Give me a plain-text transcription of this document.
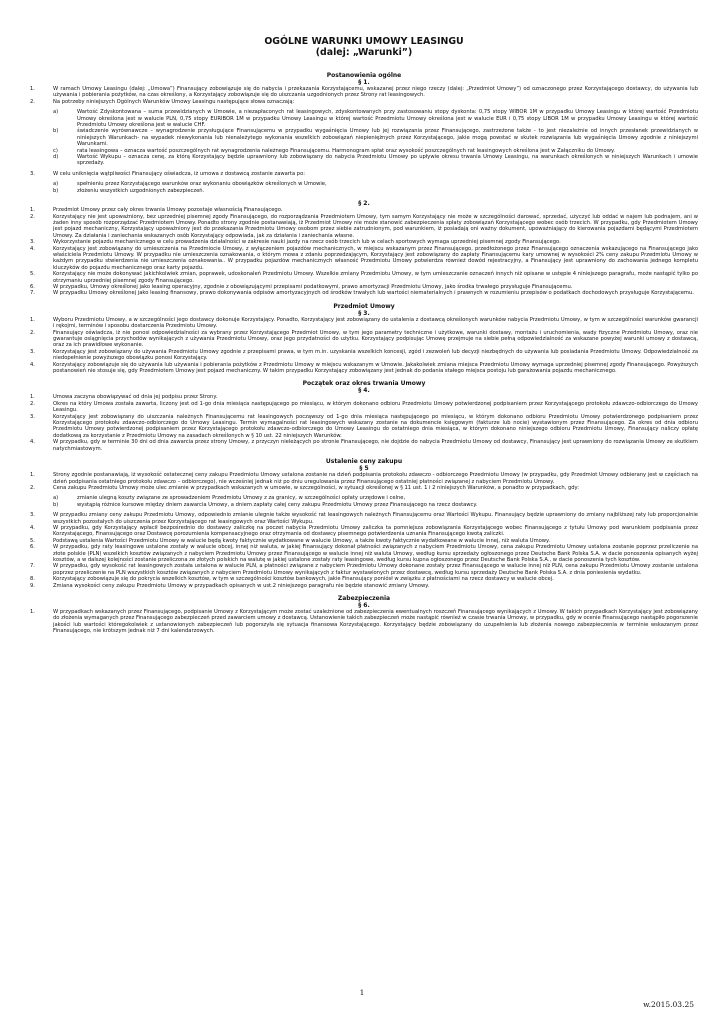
OGÓLNE WARUNKI UMOWY LEASINGU
(dalej: „Warunki”)
Postanowienia ogólne
§ 1.
1.	W ramach Umowy Leasingu (dalej: „Umowa”) Finansujący zobowiązuje się do nabycia i przekazania Korzystającemu, wskazanej przez niego rzeczy (dalej: „Przedmiot Umowy”) od oznaczonego przez Korzystającego dostawcy, do używania lub używania i pobierania pożytków, na czas określony, a Korzystający zobowiązuje się do uiszczania uzgodnionych przez Strony rat leasingowych.
2.	Na potrzeby niniejszych Ogólnych Warunków Umowy Leasingu następujące słowa oznaczają:
a)	Wartość Zdyskontowana – suma przewidzianych w Umowie, a niezapłaconych rat leasingowych, zdyskontowanych przy zastosowaniu stopy dyskonta: 0,75 stopy WIBOR 1M w przypadku Umowy Leasingu w której wartość Przedmiotu Umowy określona jest w walucie PLN, 0,75 stopy EURIBOR 1M w przypadku Umowy Leasingu w której wartość Przedmiotu Umowy określona jest w walucie EUR i 0,75 stopy LIBOR 1M w przypadku Umowy Leasingu w której wartość Przedmiotu Umowy określona jest w walucie CHF.
b)	świadczenie wyrównawcze – wynagrodzenie przysługujące Finansującemu w przypadku wygaśnięcia Umowy lub jej rozwiązania przez Finansującego, zastrzeżone także - to jest niezależnie od innych przesłanek przewidzianych w niniejszych Warunkach- na wypadek niewykonania lub nienależytego wykonania wszelkich zobowiązań niepieniężnych przez Korzystającego, jakie mogą powstać w skutek rozwiązania lub wygaśnięcia Umowy zgodnie z niniejszymi Warunkami.
c)	rata leasingowa – oznacza wartość poszczególnych rat wynagrodzenia należnego Finansującemu. Harmonogram spłat oraz wysokość poszczególnych rat leasingowych określona jest w Załączniku do Umowy.
d)	Wartość Wykupu – oznacza cenę, za którą Korzystający będzie uprawniony lub zobowiązany do nabycia Przedmiotu Umowy po upływie okresu trwania Umowy Leasingu, na warunkach określonych w niniejszych Warunkach i umowie sprzedaży.
3.	W celu uniknięcia wątpliwości Finansujący oświadcza, iż umowa z dostawcą zostanie zawarta po:
a)	spełnieniu przez Korzystającego warunków oraz wykonaniu obowiązków określonych w Umowie,
b)	złożeniu wszystkich uzgodnionych zabezpieczeń.
§ 2.
1.	Przedmiot Umowy przez cały okres trwania Umowy pozostaje własnością Finansującego.
2.	Korzystający nie jest upoważniony, bez uprzedniej pisemnej zgody Finansującego, do rozporządzania Przedmiotem Umowy, tym samym Korzystający nie może w szczególności darować, sprzedać, użyczyć lub oddać w najem lub podnajem, ani w żaden inny sposób rozporządzać Przedmiotem Umowy. Ponadto strony zgodnie postanawiają, iż Przedmiot Umowy nie może stanowić zabezpieczenia spłaty zobowiązań Korzystającego wobec osób trzecich. W przypadku, gdy Przedmiotem Umowy jest pojazd mechaniczny, Korzystający upoważniony jest do przekazania Przedmiotu Umowy osobom przez siebie zatrudnionym, pod warunkiem, iż posiadają oni ważny dokument, upoważniający do kierowania pojazdami będącymi Przedmiotem Umowy. Za działania i zaniechania wskazanych osób Korzystający odpowiada, jak za działania i zaniechania własne.
3.	Wykorzystanie pojazdu mechanicznego w celu prowadzenia działalności w zakresie nauki jazdy na rzecz osób trzecich lub w celach sportowych wymaga uprzedniej pisemnej zgody Finansującego.
4.	Korzystający jest zobowiązany do umieszczenia na Przedmiocie Umowy, z wyłączeniem pojazdów mechanicznych, w miejscu wskazanym przez Finansującego, przedłożonego przez Finansującego oznaczenia wskazującego na Finansującego jako właściciela Przedmiotu Umowy. W przypadku nie umieszczenia oznakowania, o którym mowa z zdaniu poprzedzającym, Korzystający jest zobowiązany do zapłaty Finansującemu kary umownej w wysokości 2% ceny zakupu Przedmiotu Umowy w każdym przypadku stwierdzenia nie umieszczenia oznakowania.. W przypadku pojazdów mechanicznych własność Przedmiotu Umowy potwierdza również dowód rejestracyjny, a Finansujący jest uprawniony do zachowania jednego kompletu kluczyków do pojazdu mechanicznego oraz karty pojazdu.
5.	Korzystający nie może dokonywać jakichkolwiek zmian, poprawek, udoskonaleń Przedmiotu Umowy. Wszelkie zmiany Przedmiotu Umowy, w tym umieszczanie oznaczeń innych niż opisane w ustępie 4 niniejszego paragrafu, może nastąpić tylko po otrzymaniu uprzedniej pisemnej zgody Finansującego.
6.	W przypadku, Umowy określonej jako leasing operacyjny, zgodnie z obowiązującymi przepisami podatkowymi, prawo amortyzacji Przedmiotu Umowy, jako środka trwałego przysługuje Finansującemu.
7.	W przypadku Umowy określonej jako leasing finansowy, prawo dokonywania odpisów amortyzacyjnych od środków trwałych lub wartości niematerialnych i prawnych w rozumieniu przepisów o podatkach dochodowych przysługuje Korzystającemu.
Przedmiot Umowy
§ 3.
1.	Wyboru Przedmiotu Umowy, a w szczególności jego dostawcy dokonuje Korzystający. Ponadto, Korzystający jest zobowiązany do ustalenia z dostawcą określonych warunków nabycia Przedmiotu Umowy, w tym w szczególności warunków gwarancji i rękojmi, terminów i sposobu dostarczenia Przedmiotu Umowy.
2.	Finansujący oświadcza, iż nie ponosi odpowiedzialności za wybrany przez Korzystającego Przedmiot Umowy, w tym jego parametry techniczne i użytkowe, warunki dostawy, montażu i uruchomienia, wady fizyczne Przedmiotu Umowy, oraz nie gwarantuje osiągnięcia przychodów wynikających z używania Przedmiotu Umowy, oraz jego przydatności do użytku. Korzystający podpisując Umowę przejmuje na siebie pełną odpowiedzialność za wskazane powyżej warunki umowy z dostawcą, oraz za ich prawidłowe wykonanie.
3.	Korzystający jest zobowiązany do używania Przedmiotu Umowy zgodnie z przepisami prawa, w tym m.in. uzyskania wszelkich koncesji, zgód i zezwoleń lub decyzji niezbędnych do używania lub posiadania Przedmiotu Umowy. Odpowiedzialność za niedopełnienie powyższego obowiązku ponosi Korzystający.
4.	Korzystający zobowiązuje się do używania lub używania i pobierania pożytków z Przedmiotu Umowy w miejscu wskazanym w Umowie. Jakakolwiek zmiana miejsca Przedmiotu Umowy wymaga uprzedniej pisemnej zgody Finansującego. Powyższych postanowień nie stosuje się, gdy Przedmiotem Umowy jest pojazd mechaniczny. W takim przypadku Korzystający zobowiązany jest jednak do podania stałego miejsca postoju lub garażowania pojazdu mechanicznego.
Początek oraz okres trwania Umowy
§ 4.
1.	Umowa zaczyna obowiązywać od dnia jej podpisu przez Strony.
2.	Okres na który Umowa została zawarta, liczony jest od 1-go dnia miesiąca następującego po miesiącu, w którym dokonano odbioru Przedmiotu Umowy potwierdzonej podpisaniem przez Korzystającego protokołu zdawczo-odbiorczego do Umowy Leasingu.
3.	Korzystający jest zobowiązany do uiszczania należnych Finansującemu rat leasingowych począwszy od 1-go dnia miesiąca następującego po miesiącu, w którym dokonano odbioru Przedmiotu Umowy potwierdzonego podpisaniem przez Korzystającego protokołu zdawczo-odbiorczego do Umowy Leasingu. Termin wymagalności rat leasingowych wskazany zostanie na dokumencie księgowym (fakturze lub nocie) wystawionym przez Finansującego. Za okres od dnia odbioru Przedmiotu Umowy potwierdzonej podpisaniem przez Korzystającego protokołu zdawczo-odbiorczego do Umowy Leasingu do ostatniego dnia miesiąca, w którym dokonano niniejszego odbioru Przedmiotu Umowy, Finansujący naliczy opłatę dodatkową za korzystanie z Przedmiotu Umowy na zasadach określonych w § 10 ust. 22 niniejszych Warunków.
4.	W przypadku, gdy w terminie 30 dni od dnia zawarcia przez strony Umowy, z przyczyn nieleżących po stronie Finansującego, nie dojdzie do nabycia Przedmiotu Umowy od dostawcy, Finansujący jest uprawniony do rozwiązania Umowy ze skutkiem natychmiastowym.
Ustalenie ceny zakupu
§ 5
1.	Strony zgodnie postanawiają, iż wysokość ostatecznej ceny zakupu Przedmiotu Umowy ustalona zostanie na dzień podpisania protokołu zdawczo - odbiorczego Przedmiotu Umowy (w przypadku, gdy Przedmiot Umowy odbierany jest w częściach na dzień podpisania ostatniego protokołu zdawczo – odbiorczego), nie wcześniej jednak niż po dniu uregulowania przez Finansującego ostatniej płatności związanej z nabyciem Przedmiotu Umowy.
2.	Cena zakupu Przedmiotu Umowy może ulec zmianie w przypadkach wskazanych w umowie, w szczególności, w sytuacji określonej w § 11 ust. 1 i 2 niniejszych Warunków, a ponadto w przypadkach, gdy:
a)	zmianie ulegną koszty związane ze sprowadzeniem Przedmiotu Umowy z za granicy, w szczególności opłaty urzędowe i celne,
b)	wystąpią różnice kursowe między dniem zawarcia Umowy, a dniem zapłaty całej ceny zakupu Przedmiotu Umowy przez Finansującego na rzecz dostawcy.
3.	W przypadku zmiany ceny zakupu Przedmiotu Umowy, odpowiednio zmianie ulegnie także wysokość rat leasingowych należnych Finansującemu oraz Wartości Wykupu. Finansujący będzie uprawniony do zmiany najbliższej raty lub proporcjonalnie wszystkich pozostałych do uiszczenia przez Korzystającego rat leasingowych oraz Wartości Wykupu.
4.	W przypadku, gdy Korzystający wpłacił bezpośrednio do dostawcy zaliczkę na poczet nabycia Przedmiotu Umowy zaliczka ta pomniejsza zobowiązania Korzystającego wobec Finansującego z tytułu Umowy pod warunkiem podpisania przez Korzystającego, Finansującego oraz Dostawcę porozumienia kompensacyjnego oraz otrzymania od dostawcy pisemnego potwierdzenia uznania Finansującego kwotą zaliczki.
5.	Podstawą ustalenia Wartości Przedmiotu Umowy w walucie będą kwoty faktycznie wydatkowane w walucie Umowy, a także kwoty faktycznie wydatkowane w walucie innej, niż waluta Umowy.
6.	W przypadku, gdy raty leasingowe ustalone zostały w walucie obcej, innej niż waluta, w jakiej Finansujący dokonał płatności związanych z nabyciem Przedmiotu Umowy, cena zakupu Przedmiotu Umowy ustalona zostanie poprzez przeliczenie na złote polskie (PLN) wszelkich kosztów związanych z nabyciem Przedmiotu Umowy przez Finansującego w walucie innej niż waluta Umowy, według kursu sprzedaży ogłoszonego przez Deutsche Bank Polska S.A. w dacie ponoszenia opisanych wyżej kosztów, a w dalszej kolejności zostanie przeliczona ze złotych polskich na walutę w jakiej ustalone zostały raty leasingowe, według kursu kupna ogłoszonego przez Deutsche Bank Polska S.A., w dacie ponoszenia tych kosztów.
7.	W przypadku, gdy wysokość rat leasingowych została ustalona w walucie PLN, a płatności związane z nabyciem Przedmiotu Umowy dokonane zostały przez Finansującego w walucie innej niż PLN, cena zakupu Przedmiotu Umowy zostanie ustalona poprzez przeliczenie na PLN wszystkich kosztów związanych z nabyciem Przedmiotu Umowy wynikających z faktur wystawionych przez dostawcę, według kursu sprzedaży Deutsche Bank Polska S.A. z dnia poniesienia wydatku.
8.	Korzystający zobowiązuje się do pokrycia wszelkich kosztów, w tym w szczególności kosztów bankowych, jakie Finansujący poniósł w związku z płatnościami na rzecz dostawcy w walucie obcej.
9.	Zmiana wysokości ceny zakupu Przedmiotu Umowy w przypadkach opisanych w ust.2 niniejszego paragrafu nie będzie stanowić zmiany Umowy.
Zabezpieczenia
§ 6.
1.	W przypadkach wskazanych przez Finansującego, podpisanie Umowy z Korzystającym może zostać uzależnione od zabezpieczenia ewentualnych roszczeń Finansującego wynikających z Umowy. W takich przypadkach Korzystający jest zobowiązany do złożenia wymaganych przez Finansującego zabezpieczeń przed zawarciem umowy z dostawcą. Ustanowienie takich zabezpieczeń może nastąpić również w czasie trwania Umowy, w przypadku, gdy w ocenie Finansującego nastąpiło pogorszenie jakości lub wartości któregokolwiek z ustanowionych zabezpieczeń lub pogorszyła się sytuacja finansowa Korzystającego. Korzystający będzie zobowiązany do uzupełnienia lub złożenia nowego zabezpieczenia w terminie wskazanym przez Finansującego, nie krótszym jednak niż 7 dni kalendarzowych.
1
w.2015.03.25
